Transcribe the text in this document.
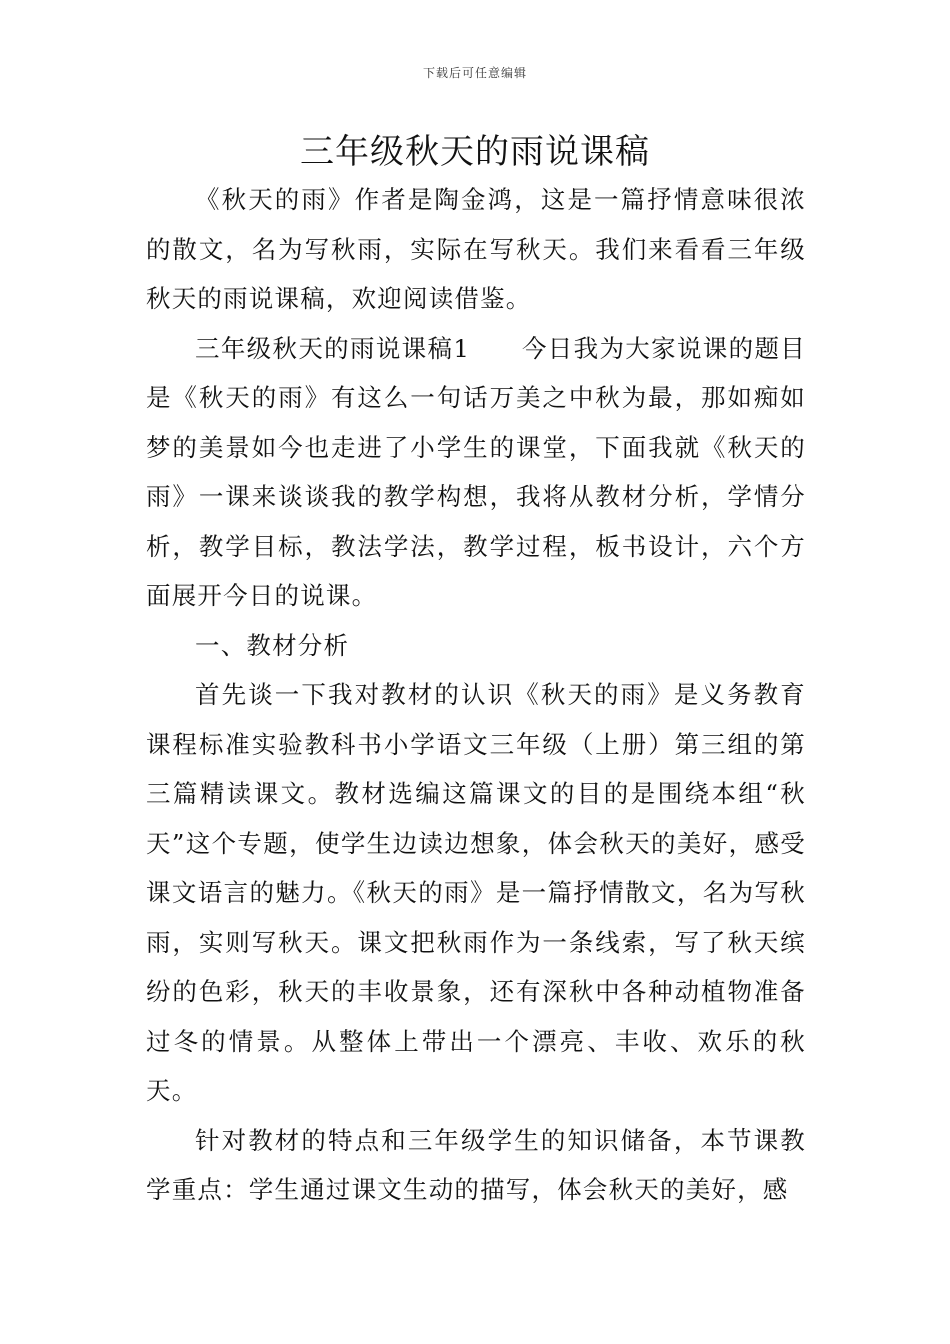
下载后可任意编辑
三年级秋天的雨说课稿

《秋天的雨》作者是陶金鸿，这是一篇抒情意味很浓的散文，名为写秋雨，实际在写秋天。我们来看看三年级秋天的雨说课稿，欢迎阅读借鉴。

三年级秋天的雨说课稿1　　今日我为大家说课的题目是《秋天的雨》有这么一句话万美之中秋为最，那如痴如梦的美景如今也走进了小学生的课堂，下面我就《秋天的雨》一课来谈谈我的教学构想，我将从教材分析，学情分析，教学目标，教法学法，教学过程，板书设计，六个方面展开今日的说课。

一、教材分析

首先谈一下我对教材的认识《秋天的雨》是义务教育课程标准实验教科书小学语文三年级（上册）第三组的第三篇精读课文。教材选编这篇课文的目的是围绕本组“秋天”这个专题，使学生边读边想象，体会秋天的美好，感受课文语言的魅力。《秋天的雨》是一篇抒情散文，名为写秋雨，实则写秋天。课文把秋雨作为一条线索，写了秋天缤纷的色彩，秋天的丰收景象，还有深秋中各种动植物准备过冬的情景。从整体上带出一个漂亮、丰收、欢乐的秋天。

针对教材的特点和三年级学生的知识储备，本节课教学重点：学生通过课文生动的描写，体会秋天的美好，感
